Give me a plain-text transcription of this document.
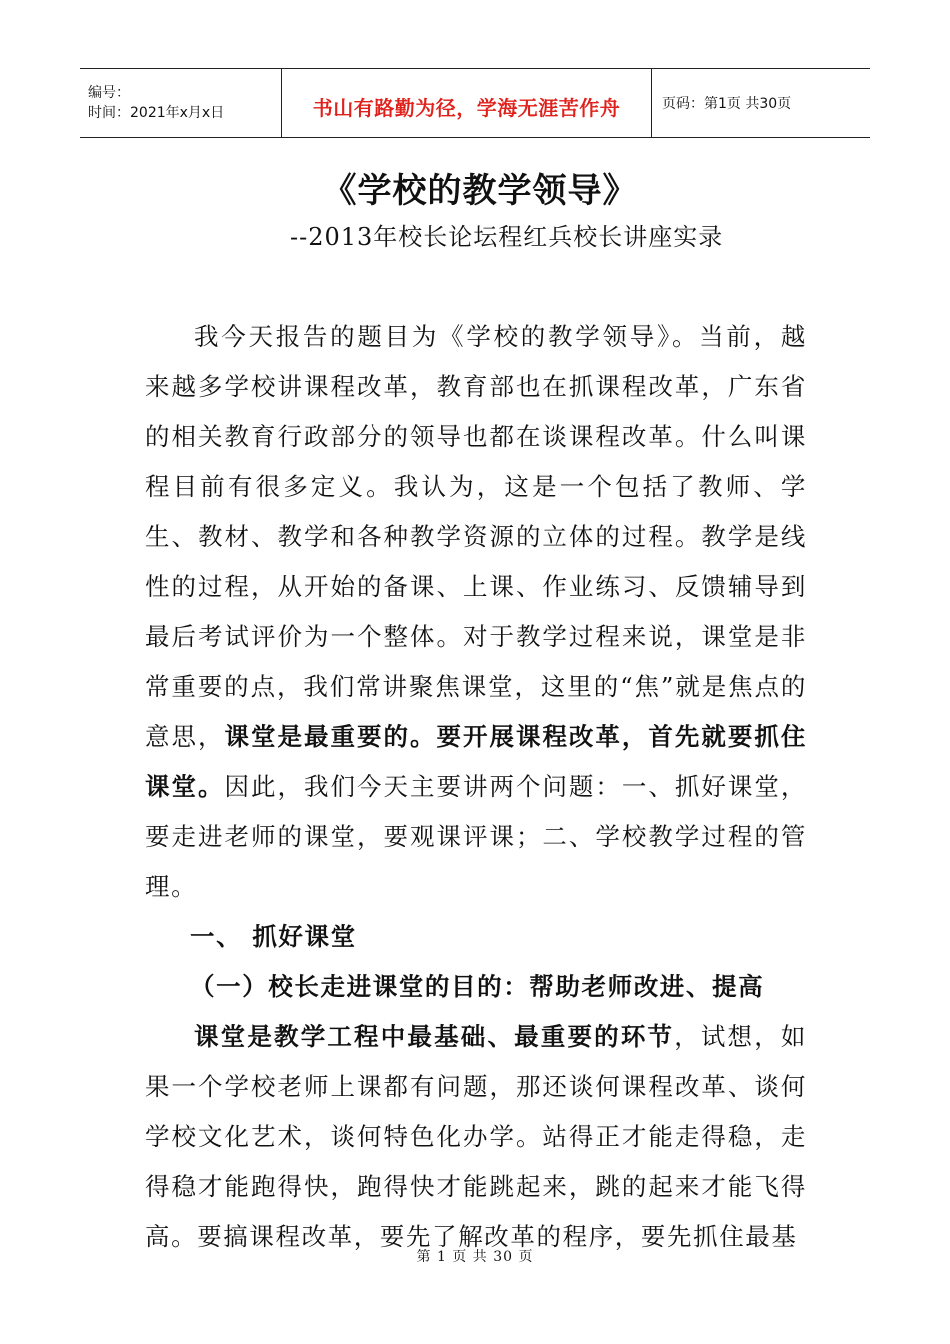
编号：
时间：2021年x月x日	书山有路勤为径，学海无涯苦作舟	页码：第1页 共30页
《学校的教学领导》
--2013年校长论坛程红兵校长讲座实录

我今天报告的题目为《学校的教学领导》。当前，越来越多学校讲课程改革，教育部也在抓课程改革，广东省的相关教育行政部分的领导也都在谈课程改革。什么叫课程目前有很多定义。我认为，这是一个包括了教师、学生、教材、教学和各种教学资源的立体的过程。教学是线性的过程，从开始的备课、上课、作业练习、反馈辅导到最后考试评价为一个整体。对于教学过程来说，课堂是非常重要的点，我们常讲聚焦课堂，这里的“焦”就是焦点的意思，课堂是最重要的。要开展课程改革，首先就要抓住课堂。因此，我们今天主要讲两个问题：一、抓好课堂，要走进老师的课堂，要观课评课；二、学校教学过程的管理。

一、 抓好课堂

（一）校长走进课堂的目的：帮助老师改进、提高

课堂是教学工程中最基础、最重要的环节，试想，如果一个学校老师上课都有问题，那还谈何课程改革、谈何学校文化艺术，谈何特色化办学。站得正才能走得稳，走得稳才能跑得快，跑得快才能跳起来，跳的起来才能飞得高。要搞课程改革，要先了解改革的程序，要先抓住最基

第 1 页 共 30 页
